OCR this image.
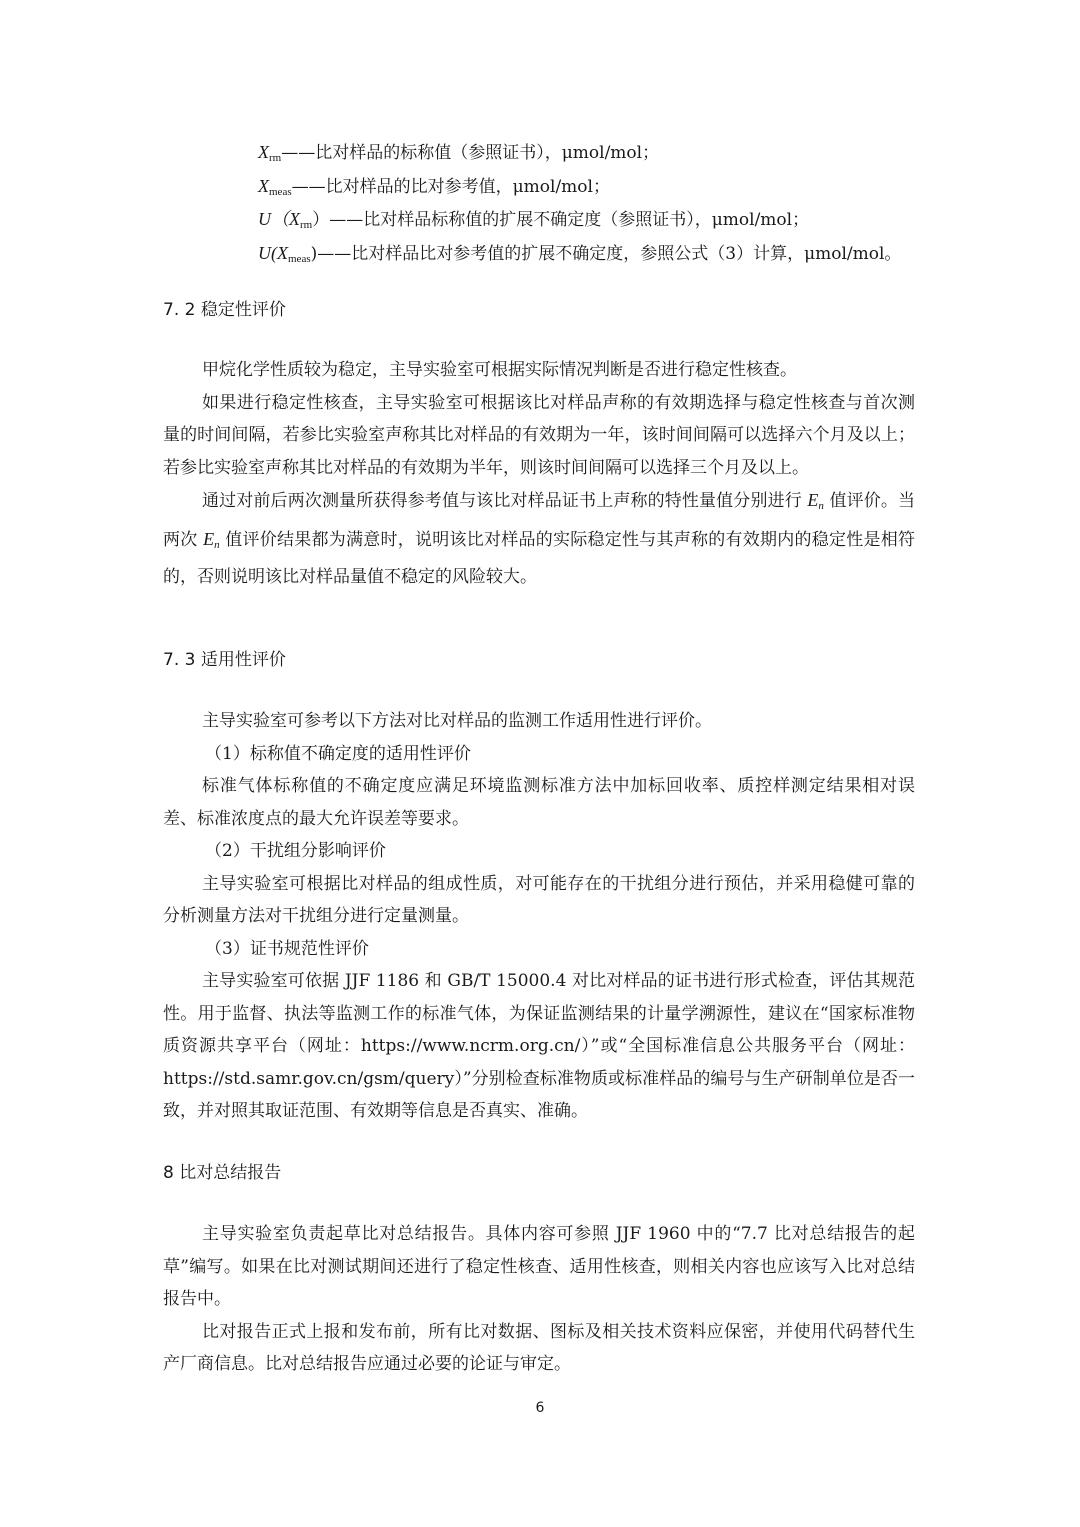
$X_{rm}——$比对样品的标称值（参照证书），μmol/mol；
$X_{meas}——$比对样品的比对参考值，μmol/mol；
$U(X_{rm})——$比对样品标称值的扩展不确定度（参照证书），μmol/mol；
$U(X_{meas})——$比对样品比对参考值的扩展不确定度，参照公式（3）计算，μmol/mol。
7. 2 稳定性评价

甲烷化学性质较为稳定，主导实验室可根据实际情况判断是否进行稳定性核查。

如果进行稳定性核查，主导实验室可根据该比对样品声称的有效期选择与稳定性核查与首次测量的时间间隔，若参比实验室声称其比对样品的有效期为一年，该时间间隔可以选择六个月及以上；若参比实验室声称其比对样品的有效期为半年，则该时间间隔可以选择三个月及以上。

通过对前后两次测量所获得参考值与该比对样品证书上声称的特性量值分别进行 $E_n$ 值评价。当两次 $E_n$ 值评价结果都为满意时，说明该比对样品的实际稳定性与其声称的有效期内的稳定性是相符的，否则说明该比对样品量值不稳定的风险较大。

7. 3 适用性评价

主导实验室可参考以下方法对比对样品的监测工作适用性进行评价。

（1）标称值不确定度的适用性评价

标准气体标称值的不确定度应满足环境监测标准方法中加标回收率、质控样测定结果相对误差、标准浓度点的最大允许误差等要求。

（2）干扰组分影响评价

主导实验室可根据比对样品的组成性质，对可能存在的干扰组分进行预估，并采用稳健可靠的分析测量方法对干扰组分进行定量测量。

（3）证书规范性评价

主导实验室可依据 JJF 1186 和 GB/T 15000.4 对比对样品的证书进行形式检查，评估其规范性。用于监督、执法等监测工作的标准气体，为保证监测结果的计量学溯源性，建议在“国家标准物质资源共享平台（网址：https://www.ncrm.org.cn/）”或“全国标准信息公共服务平台（网址：https://std.samr.gov.cn/gsm/query）”分别检查标准物质或标准样品的编号与生产研制单位是否一致，并对照其取证范围、有效期等信息是否真实、准确。

8 比对总结报告

主导实验室负责起草比对总结报告。具体内容可参照 JJF 1960 中的“7.7 比对总结报告的起草”编写。如果在比对测试期间还进行了稳定性核查、适用性核查，则相关内容也应该写入比对总结报告中。

比对报告正式上报和发布前，所有比对数据、图标及相关技术资料应保密，并使用代码替代生产厂商信息。比对总结报告应通过必要的论证与审定。

6
